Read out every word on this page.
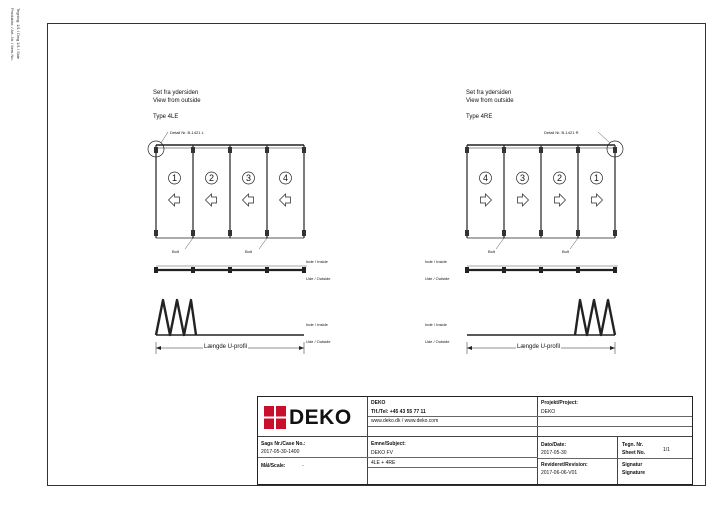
Produktnr. / Art.-Nr. / Item-No. Tegning: 1/1 / Dwg 1/1 / Side
1	2	3	4	4	3	2	1
Set fra ydersiden
View from outside
Type 4LE
Detail Nr. B-1421 L
Bolt	Bolt
Inde / Inside
Ude / Outside
Inde / Inside
Ude / Outside
Længde U-profil
Set fra ydersiden
View from outside
Type 4RE
Detail Nr. B-1421 R
Bolt	Bolt
Inde / Inside
Ude / Outside
Inde / Inside
Ude / Outside
Længde U-profil
DEKO
DEKO
Tlf./Tel: +45 43 55 77 11
www.deko.dk / www.deko.com
Projekt/Project:
DEKO
Sags Nr./Case No.:
2017-05-30-1400
Mål/Scale:	-
Emne/Subject:
DEKO FV
4LE + 4RE
Dato/Date:
2017-05-30
Revideret/Revision:
2017-06-06-V01
Tegn. Nr.
Sheet No.	1/1
Signatur
Signature
